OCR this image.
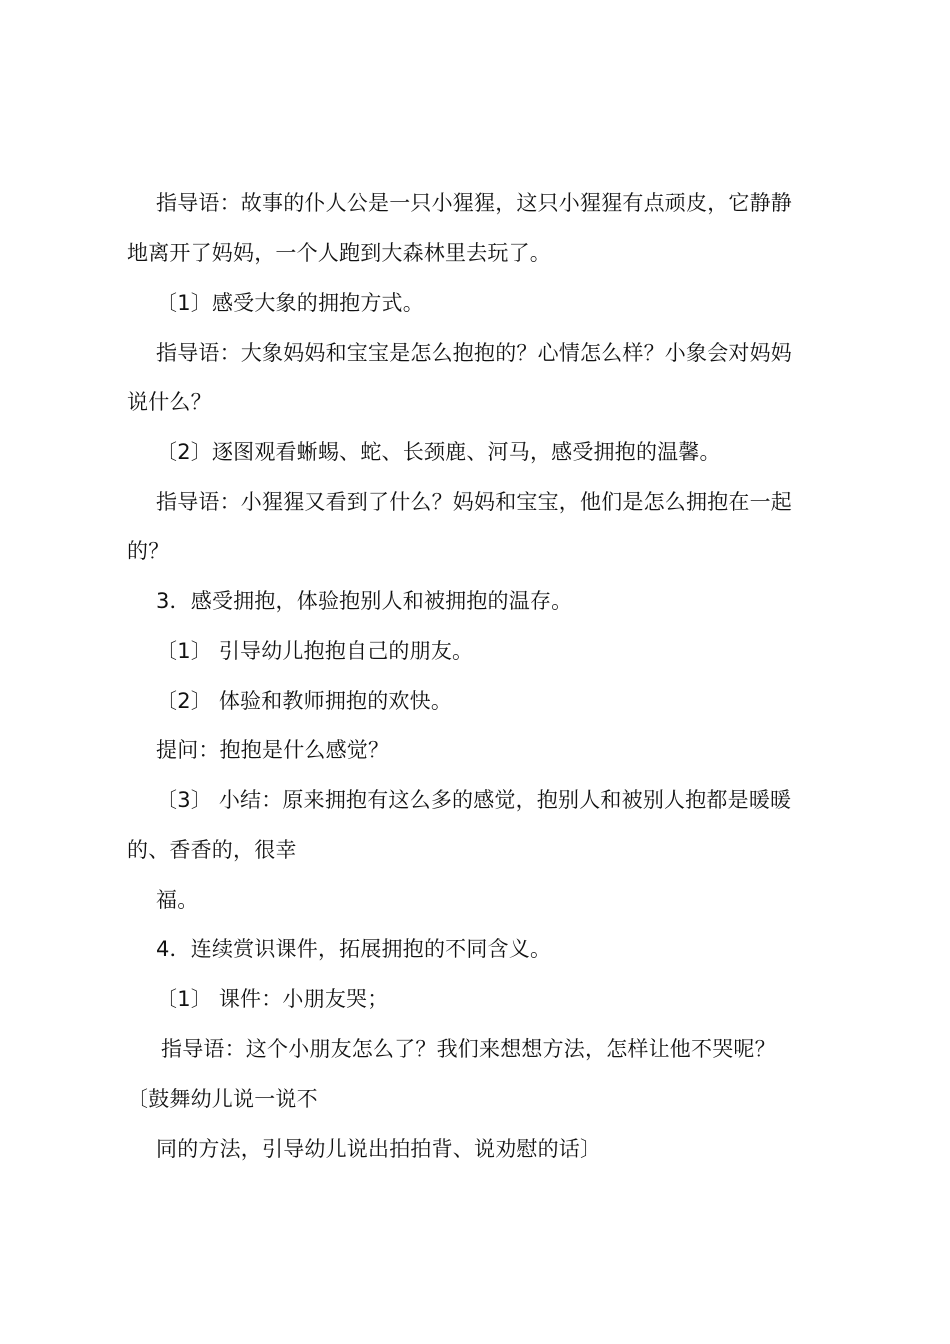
指导语：故事的仆人公是一只小猩猩，这只小猩猩有点顽皮，它静静
地离开了妈妈，一个人跑到大森林里去玩了。
〔1〕感受大象的拥抱方式。
指导语：大象妈妈和宝宝是怎么抱抱的？心情怎么样？小象会对妈妈
说什么？
〔2〕逐图观看蜥蜴、蛇、长颈鹿、河马，感受拥抱的温馨。
指导语：小猩猩又看到了什么？妈妈和宝宝，他们是怎么拥抱在一起
的？
3．感受拥抱，体验抱别人和被拥抱的温存。
〔1〕 引导幼儿抱抱自己的朋友。
〔2〕 体验和教师拥抱的欢快。
提问：抱抱是什么感觉？
〔3〕 小结：原来拥抱有这么多的感觉，抱别人和被别人抱都是暖暖
的、香香的，很幸
福。
4．连续赏识课件，拓展拥抱的不同含义。
〔1〕 课件：小朋友哭；
指导语：这个小朋友怎么了？我们来想想方法，怎样让他不哭呢？
〔鼓舞幼儿说一说不
同的方法，引导幼儿说出拍拍背、说劝慰的话〕
